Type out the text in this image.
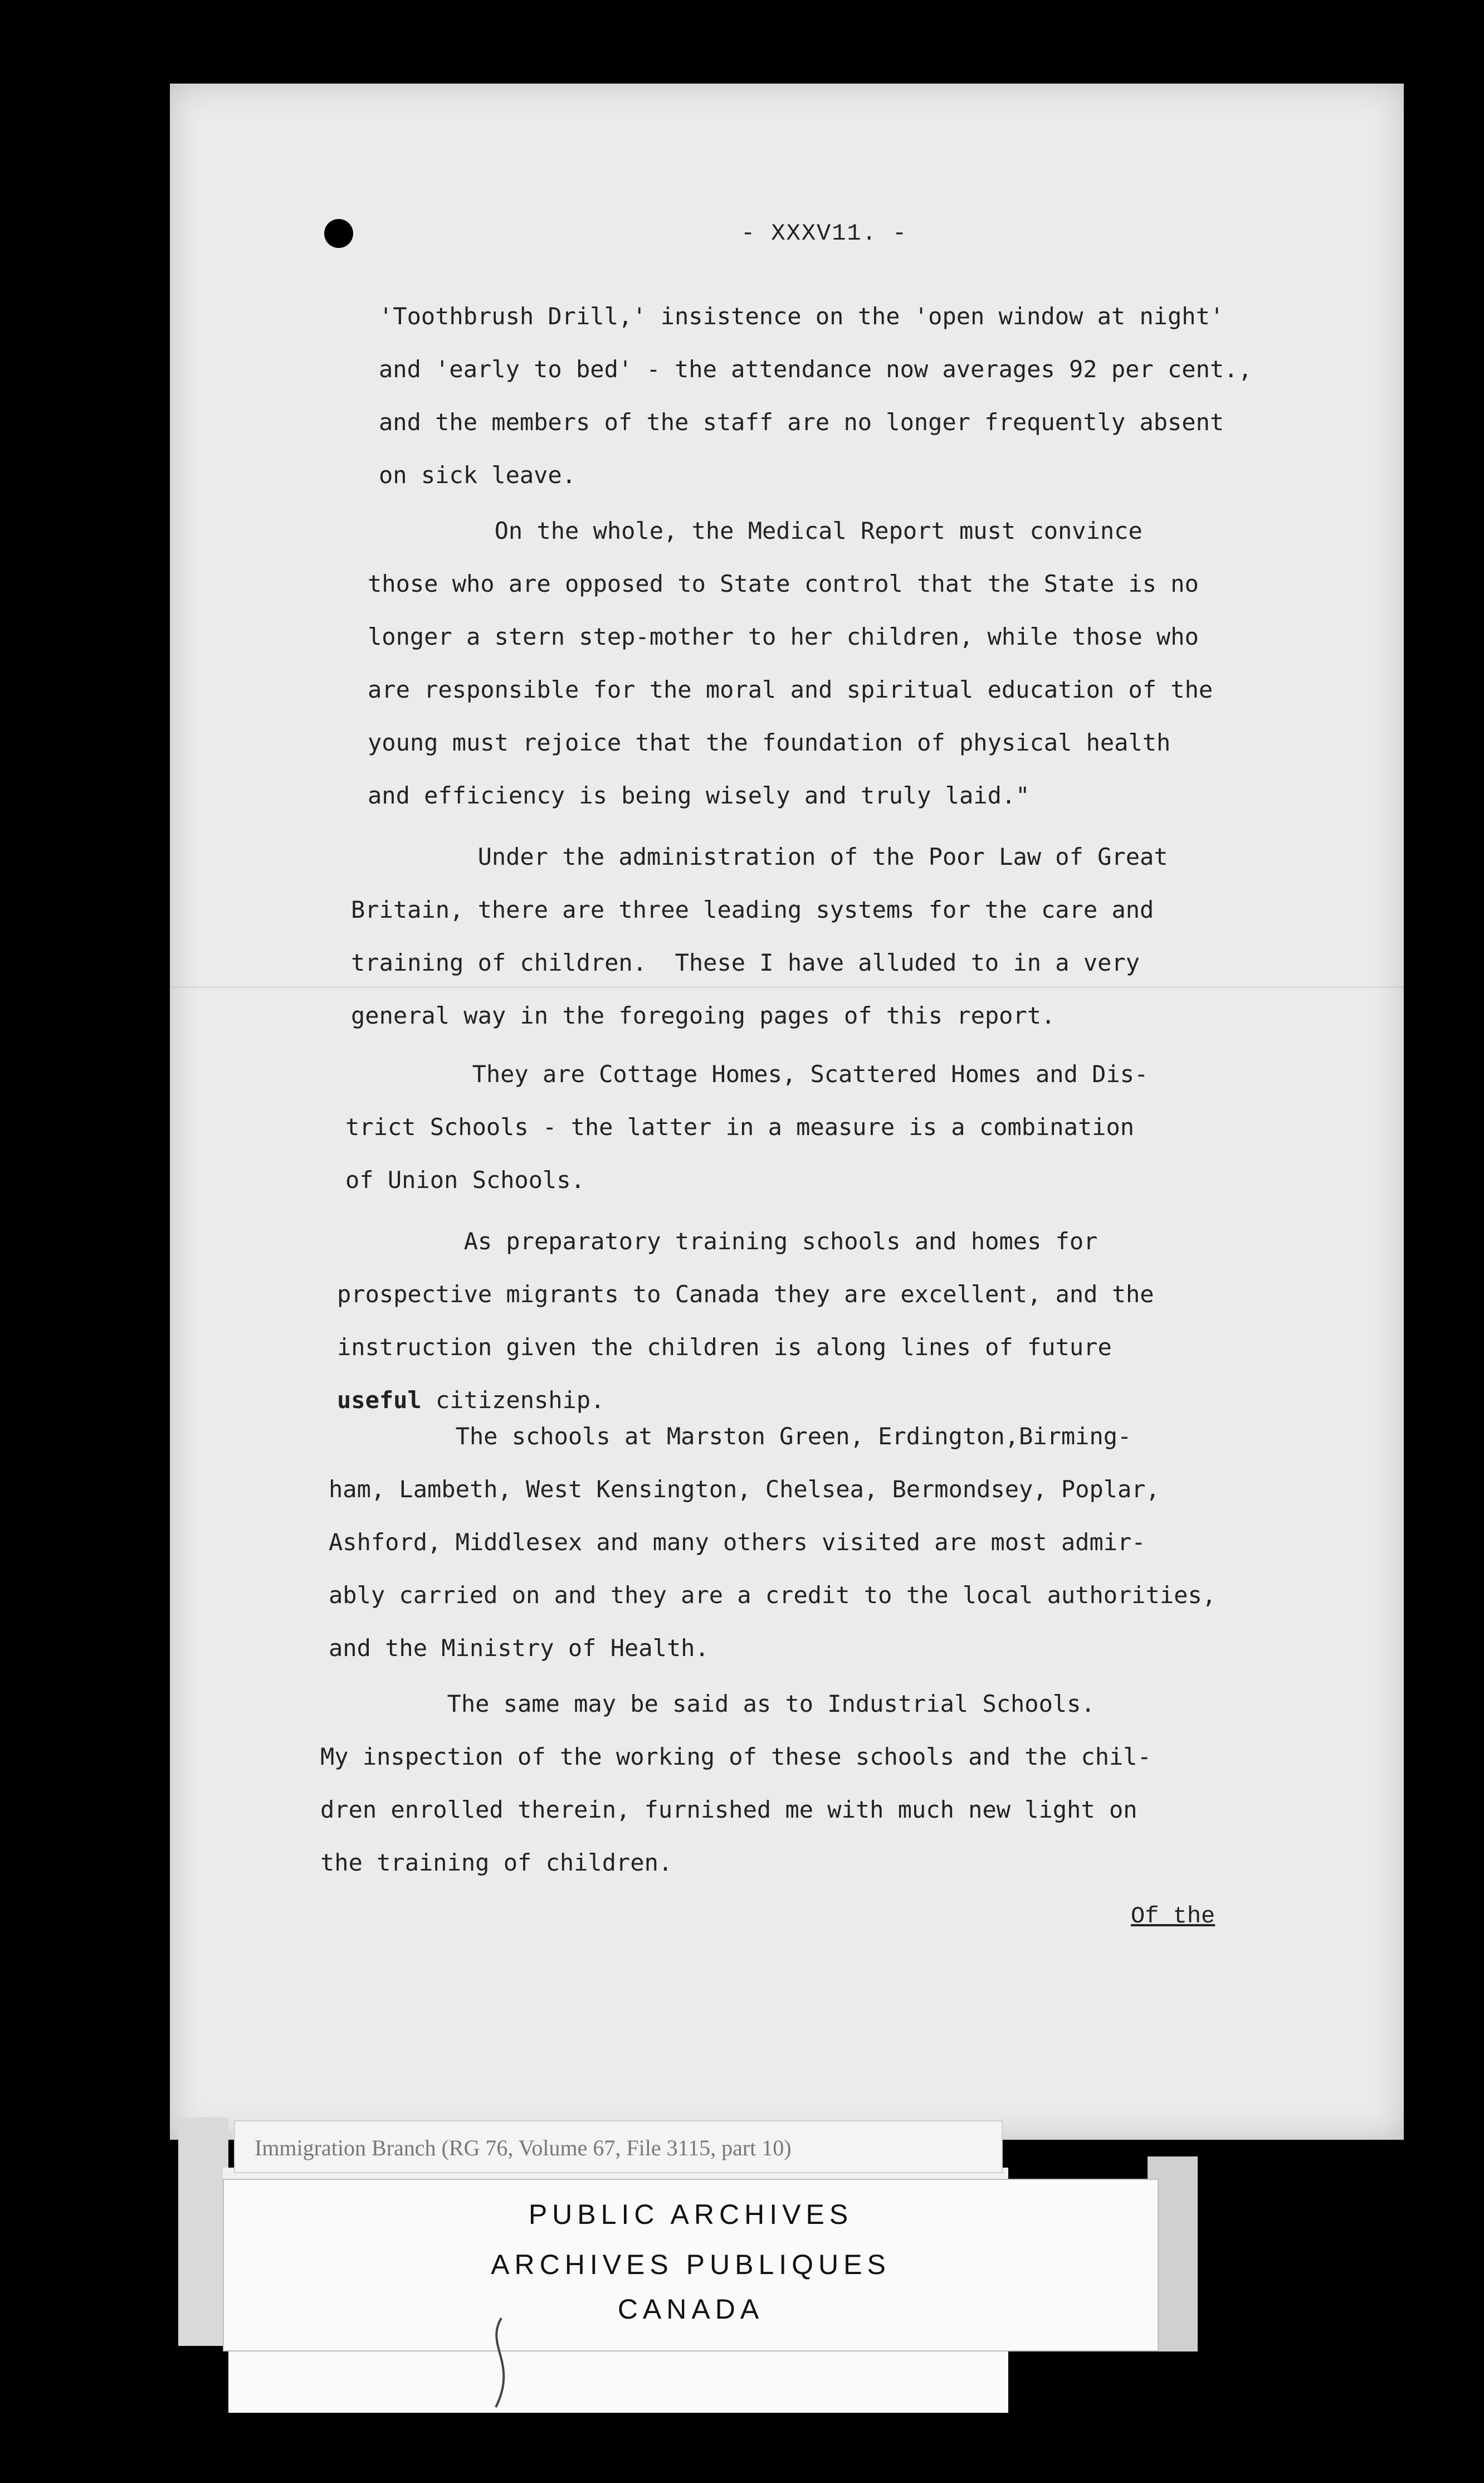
- XXXV11. -
'Toothbrush Drill,' insistence on the 'open window at night'
and 'early to bed' - the attendance now averages 92 per cent.,
and the members of the staff are no longer frequently absent
on sick leave.
On the whole, the Medical Report must convince
those who are opposed to State control that the State is no
longer a stern step-mother to her children, while those who
are responsible for the moral and spiritual education of the
young must rejoice that the foundation of physical health
and efficiency is being wisely and truly laid."
Under the administration of the Poor Law of Great
Britain, there are three leading systems for the care and
training of children.  These I have alluded to in a very
general way in the foregoing pages of this report.
They are Cottage Homes, Scattered Homes and Dis-
trict Schools - the latter in a measure is a combination
of Union Schools.
As preparatory training schools and homes for
prospective migrants to Canada they are excellent, and the
instruction given the children is along lines of future
useful citizenship.
The schools at Marston Green, Erdington,Birming-
ham, Lambeth, West Kensington, Chelsea, Bermondsey, Poplar,
Ashford, Middlesex and many others visited are most admir-
ably carried on and they are a credit to the local authorities,
and the Ministry of Health.
The same may be said as to Industrial Schools.
My inspection of the working of these schools and the chil-
dren enrolled therein, furnished me with much new light on
the training of children.
Of the
Immigration Branch (RG 76, Volume 67, File 3115, part 10)
PUBLIC ARCHIVES
ARCHIVES PUBLIQUES
CANADA
